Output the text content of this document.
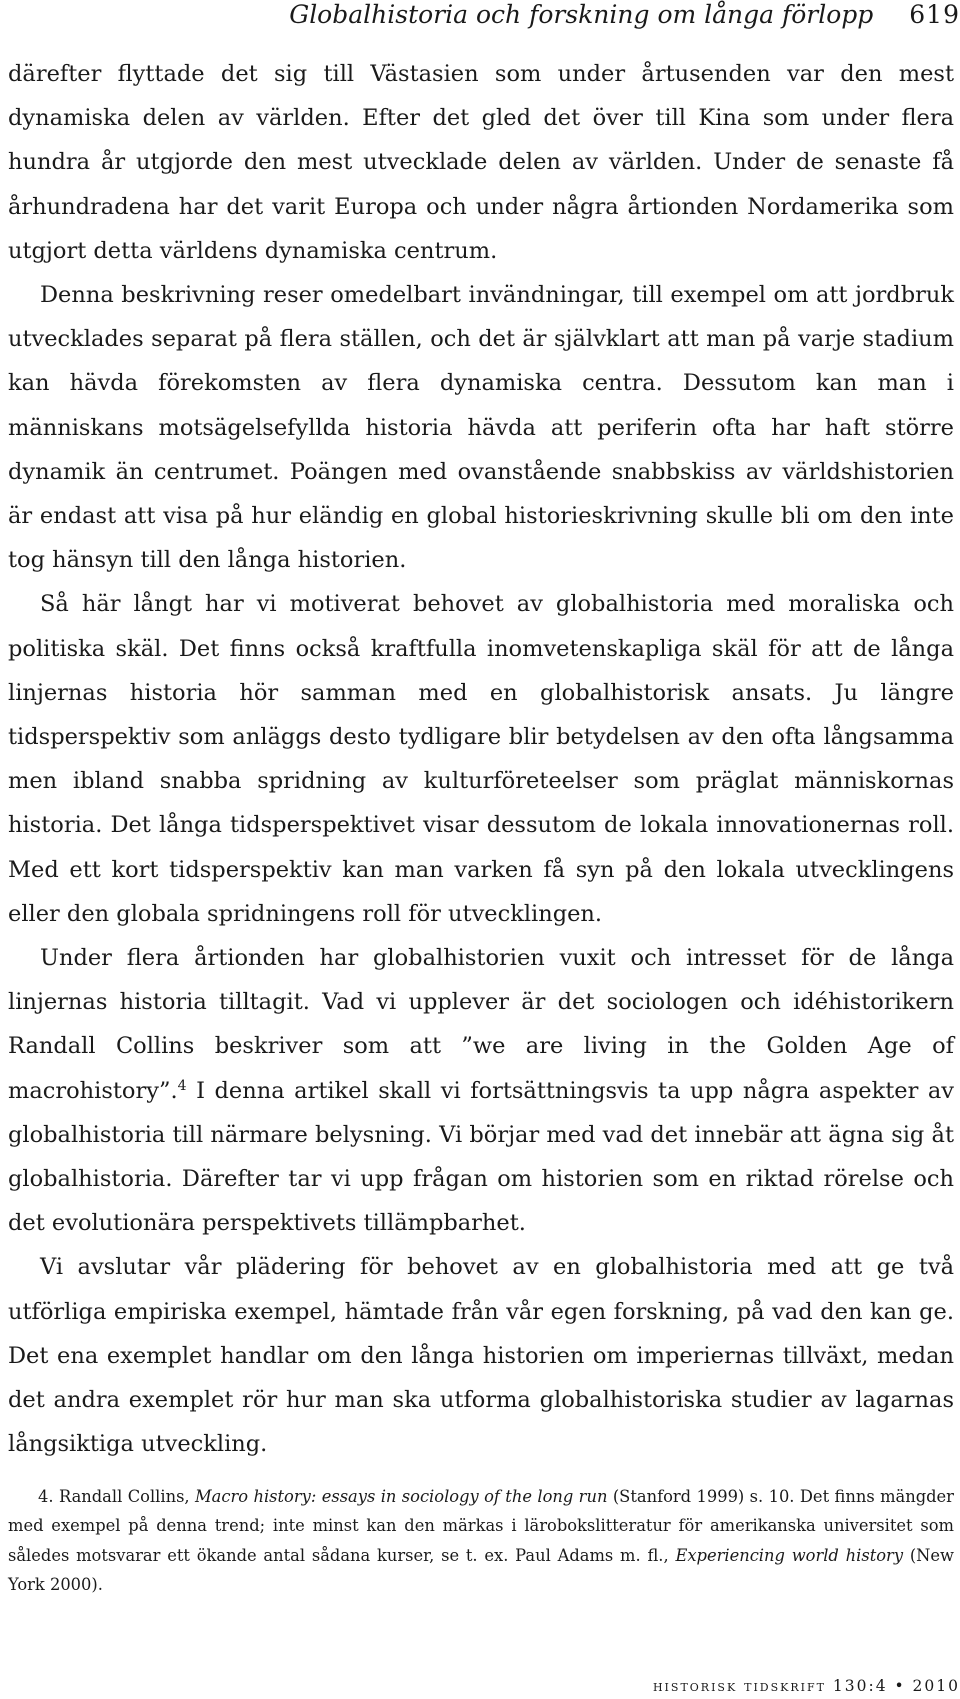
Globalhistoria och forskning om långa förlopp 619

därefter flyttade det sig till Västasien som under årtusenden var den mest dynamiska delen av världen. Efter det gled det över till Kina som under flera hundra år utgjorde den mest utvecklade delen av världen. Under de senaste få århundradena har det varit Europa och under några årtionden Nordamerika som utgjort detta världens dynamiska centrum.

Denna beskrivning reser omedelbart invändningar, till exempel om att jordbruk utvecklades separat på flera ställen, och det är självklart att man på varje stadium kan hävda förekomsten av flera dynamiska centra. Dessutom kan man i människans motsägelsefyllda historia hävda att periferin ofta har haft större dynamik än centrumet. Poängen med ovanstående snabbskiss av världshistorien är endast att visa på hur eländig en global historieskrivning skulle bli om den inte tog hänsyn till den långa historien.

Så här långt har vi motiverat behovet av globalhistoria med moraliska och politiska skäl. Det finns också kraftfulla inomvetenskapliga skäl för att de långa linjernas historia hör samman med en globalhistorisk ansats. Ju längre tidsperspektiv som anläggs desto tydligare blir betydelsen av den ofta långsamma men ibland snabba spridning av kulturföreteelser som präglat människornas historia. Det långa tidsperspektivet visar dessutom de lokala innovationernas roll. Med ett kort tidsperspektiv kan man varken få syn på den lokala utvecklingens eller den globala spridningens roll för utvecklingen.

Under flera årtionden har globalhistorien vuxit och intresset för de långa linjernas historia tilltagit. Vad vi upplever är det sociologen och idéhistorikern Randall Collins beskriver som att ”we are living in the Golden Age of macrohistory”.$^4$ I denna artikel skall vi fortsättningsvis ta upp några aspekter av globalhistoria till närmare belysning. Vi börjar med vad det innebär att ägna sig åt globalhistoria. Därefter tar vi upp frågan om historien som en riktad rörelse och det evolutionära perspektivets tillämpbarhet.

Vi avslutar vår plädering för behovet av en globalhistoria med att ge två utförliga empiriska exempel, hämtade från vår egen forskning, på vad den kan ge. Det ena exemplet handlar om den långa historien om imperiernas tillväxt, medan det andra exemplet rör hur man ska utforma globalhistoriska studier av lagarnas långsiktiga utveckling.

4. Randall Collins, Macro history: essays in sociology of the long run (Stanford 1999) s. 10. Det finns mängder med exempel på denna trend; inte minst kan den märkas i lärobokslitteratur för amerikanska universitet som således motsvarar ett ökande antal sådana kurser, se t. ex. Paul Adams m. fl., Experiencing world history (New York 2000).

historisk tidskrift 130:4 • 2010
